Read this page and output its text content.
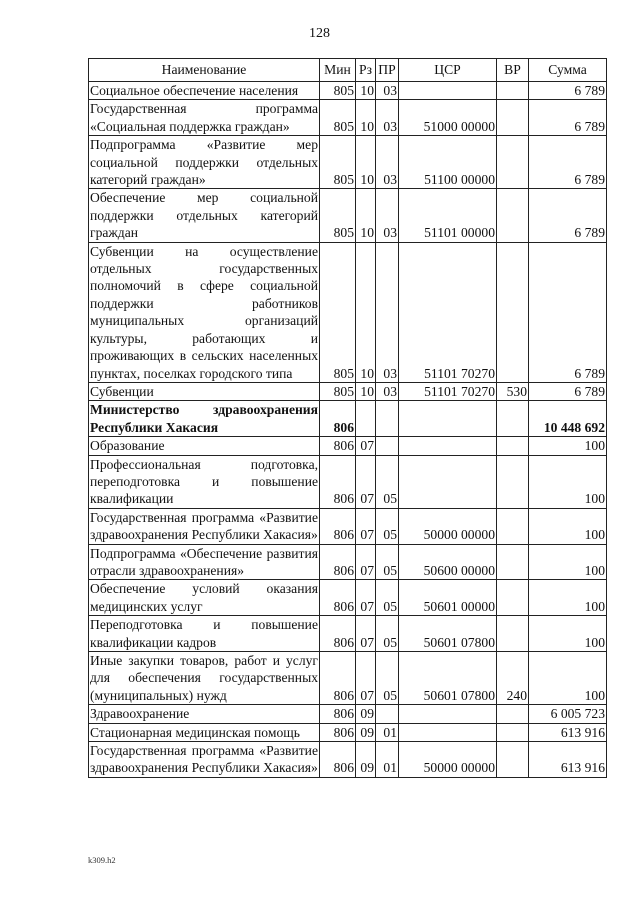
128
Наименование	Мин	Рз	ПР	ЦСР	ВР	Сумма
Социальное обеспечение населения	805	10	03			6 789
Государственная программа «Социальная поддержка граждан»	805	10	03	51000 00000		6 789
Подпрограмма «Развитие мер социальной поддержки отдельных категорий граждан»	805	10	03	51100 00000		6 789
Обеспечение мер социальной поддержки отдельных категорий граждан	805	10	03	51101 00000		6 789
Субвенции на осуществление отдельных государственных полномочий в сфере социальной поддержки работников муниципальных организаций культуры, работающих и проживающих в сельских населенных пунктах, поселках городского типа	805	10	03	51101 70270		6 789
Субвенции	805	10	03	51101 70270	530	6 789
Министерство здравоохранения Республики Хакасия	806					10 448 692
Образование	806	07				100
Профессиональная подготовка, переподготовка и повышение квалификации	806	07	05			100
Государственная программа «Развитие здравоохранения Республики Хакасия»	806	07	05	50000 00000		100
Подпрограмма «Обеспечение развития отрасли здравоохранения»	806	07	05	50600 00000		100
Обеспечение условий оказания медицинских услуг	806	07	05	50601 00000		100
Переподготовка и повышение квалификации кадров	806	07	05	50601 07800		100
Иные закупки товаров, работ и услуг для обеспечения государственных (муниципальных) нужд	806	07	05	50601 07800	240	100
Здравоохранение	806	09				6 005 723
Стационарная медицинская помощь	806	09	01			613 916
Государственная программа «Развитие здравоохранения Республики Хакасия»	806	09	01	50000 00000		613 916
k309.h2
